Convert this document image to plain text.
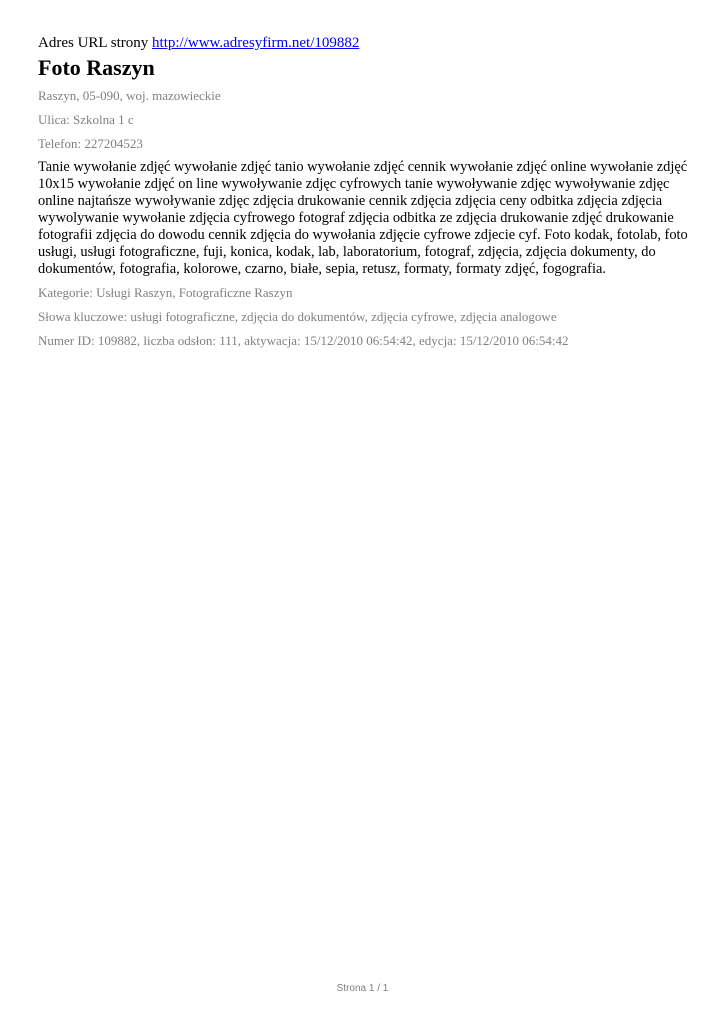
Adres URL strony http://www.adresyfirm.net/109882
Foto Raszyn
Raszyn, 05-090, woj. mazowieckie
Ulica: Szkolna 1 c
Telefon: 227204523
Tanie wywołanie zdjęć wywołanie zdjęć tanio wywołanie zdjęć cennik wywołanie zdjęć online wywołanie zdjęć 10x15 wywołanie zdjęć on line wywoływanie zdjęc cyfrowych tanie wywoływanie zdjęc wywoływanie zdjęc online najtańsze wywoływanie zdjęc zdjęcia drukowanie cennik zdjęcia zdjęcia ceny odbitka zdjęcia zdjęcia wywolywanie wywołanie zdjęcia cyfrowego fotograf zdjęcia odbitka ze zdjęcia drukowanie zdjęć drukowanie fotografii zdjęcia do dowodu cennik zdjęcia do wywołania zdjęcie cyfrowe zdjecie cyf. Foto kodak, fotolab, foto usługi, usługi fotograficzne, fuji, konica, kodak, lab, laboratorium, fotograf, zdjęcia, zdjęcia dokumenty, do dokumentów, fotografia, kolorowe, czarno, białe, sepia, retusz, formaty, formaty zdjęć, fogografia.
Kategorie: Usługi Raszyn, Fotograficzne Raszyn
Słowa kluczowe: usługi fotograficzne, zdjęcia do dokumentów, zdjęcia cyfrowe, zdjęcia analogowe
Numer ID: 109882, liczba odsłon: 111, aktywacja: 15/12/2010 06:54:42, edycja: 15/12/2010 06:54:42
Strona 1 / 1
